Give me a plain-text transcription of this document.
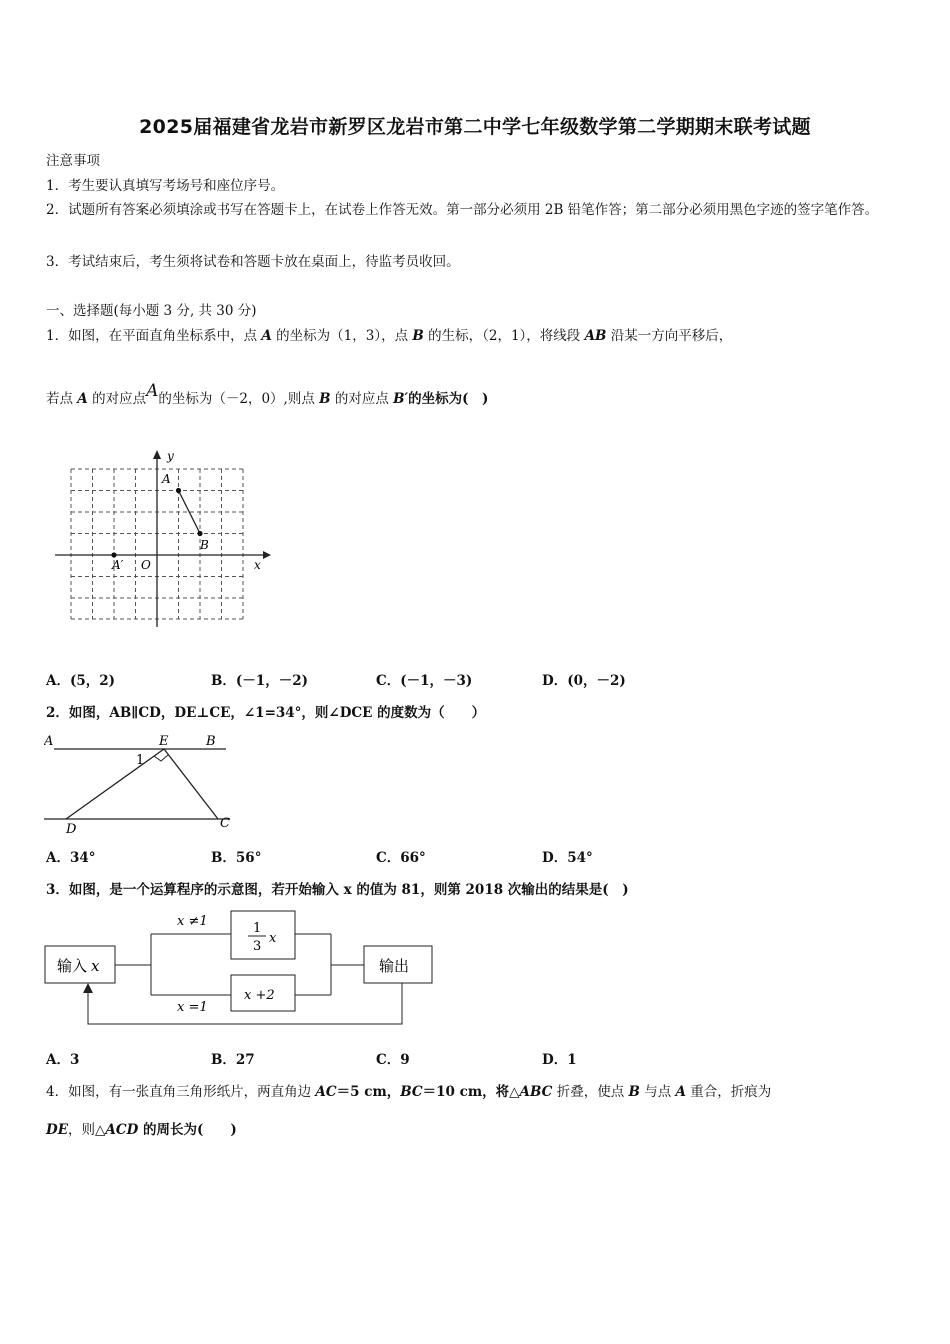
2025届福建省龙岩市新罗区龙岩市第二中学七年级数学第二学期期末联考试题
注意事项
1．考生要认真填写考场号和座位序号。
2．试题所有答案必须填涂或书写在答题卡上，在试卷上作答无效。第一部分必须用 2B 铅笔作答；第二部分必须用黑色字迹的签字笔作答。
3．考试结束后，考生须将试卷和答题卡放在桌面上，待监考员收回。
一、选择题(每小题 3 分, 共 30 分)
1．如图，在平面直角坐标系中，点 A 的坐标为（1，3），点 B 的生标，（2，1），将线段 AB 沿某一方向平移后，
若点 A 的对应点A的坐标为（－2，0）,则点 B 的对应点 B′的坐标为(　)
y
x
A
B
A′ O
A．(5，2)	B．(－1，－2)	C．(－1，－3)	D．(0，－2)
2．如图，AB∥CD，DE⊥CE，∠1=34°，则∠DCE 的度数为（　　）
A	E	B
1
D	C
A．34°	B．56°	C．66°	D．54°
3．如图，是一个运算程序的示意图，若开始输入 x 的值为 81，则第 2018 次输出的结果是(　)
输入 x	输出
x ≠1
x =1
1
3
x
x +2
A．3	B．27	C．9	D．1
4．如图，有一张直角三角形纸片，两直角边 AC＝5 cm，BC＝10 cm，将△ABC 折叠，使点 B 与点 A 重合，折痕为
DE，则△ACD 的周长为(　　)
